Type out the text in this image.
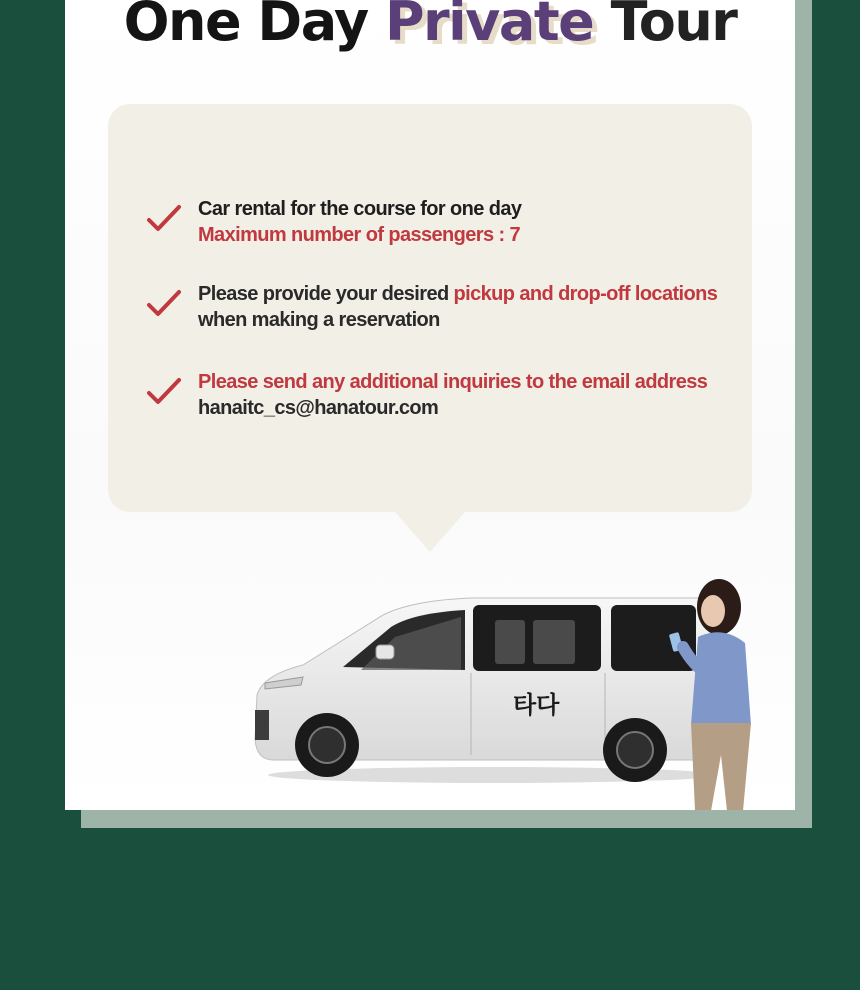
One Day Private Tour
Car rental for the course for one day
Maximum number of passengers : 7
Please provide your desired pickup and drop-off locations
when making a reservation
Please send any additional inquiries to the email address
hanaitc_cs@hanatour.com
타다
